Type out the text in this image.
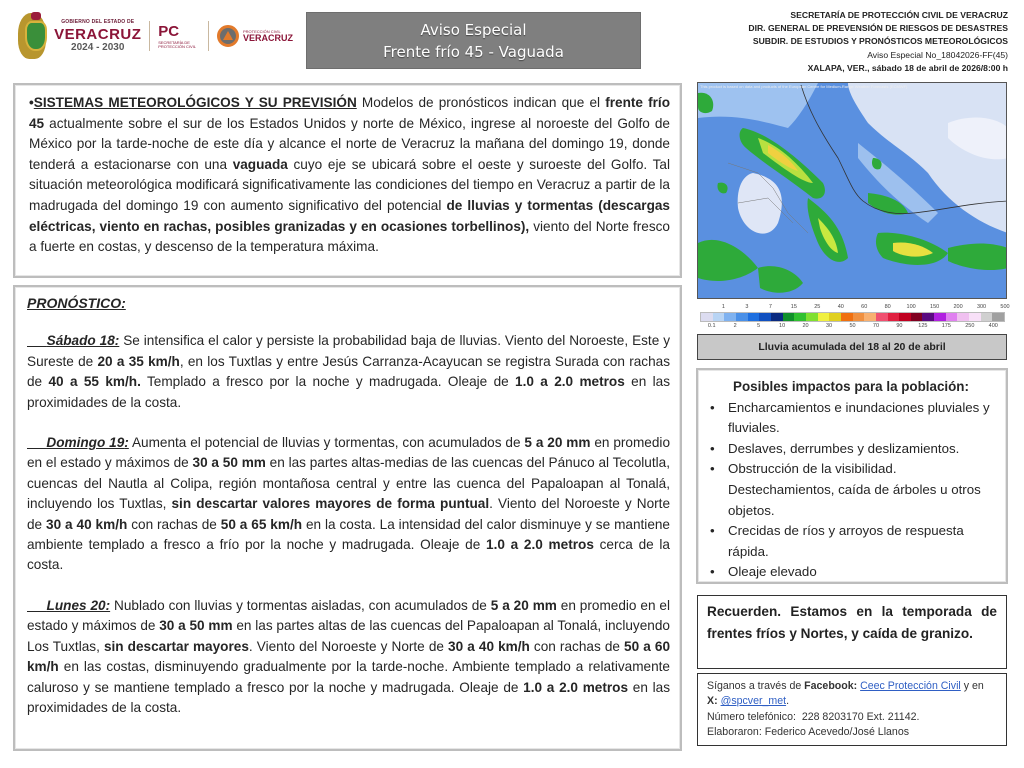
GOBIERNO DEL ESTADO DE
VERACRUZ
2024 - 2030
PC
SECRETARÍA DE PROTECCIÓN CIVIL
PROTECCIÓN CIVIL
VERACRUZ	Aviso Especial
Frente frío 45 - Vaguada
SECRETARÍA DE PROTECCIÓN CIVIL DE VERACRUZ
DIR. GENERAL DE PREVENSIÓN DE RIESGOS DE DESASTRES
SUBDIR. DE ESTUDIOS Y PRONÓSTICOS METEOROLÓGICOS
Aviso Especial No_18042026-FF(45)
XALAPA, VER., sábado 18 de abril de 2026/8:00 h

•SISTEMAS METEOROLÓGICOS Y SU PREVISIÓN Modelos de pronósticos indican que el frente frío 45 actualmente sobre el sur de los Estados Unidos y norte de México, ingrese al noroeste del Golfo de México por la tarde-noche de este día y alcance el norte de Veracruz la mañana del domingo 19, donde tenderá a estacionarse con una vaguada cuyo eje se ubicará sobre el oeste y suroeste del Golfo. Tal situación meteorológica modificará significativamente las condiciones del tiempo en Veracruz a partir de la madrugada del domingo 19 con aumento significativo del potencial de lluvias y tormentas (descargas eléctricas, viento en rachas, posibles granizadas y en ocasiones torbellinos), viento del Norte fresco a fuerte en costas, y descenso de la temperatura máxima.

PRONÓSTICO:

Sábado 18: Se intensifica el calor y persiste la probabilidad baja de lluvias. Viento del Noroeste, Este y Sureste de 20 a 35 km/h, en los Tuxtlas y entre Jesús Carranza-Acayucan se registra Surada con rachas de 40 a 55 km/h. Templado a fresco por la noche y madrugada. Oleaje de 1.0 a 2.0 metros en las proximidades de la costa.

Domingo 19: Aumenta el potencial de lluvias y tormentas, con acumulados de 5 a 20 mm en promedio en el estado y máximos de 30 a 50 mm en las partes altas-medias de las cuencas del Pánuco al Tecolutla, cuencas del Nautla al Colipa, región montañosa central y entre las cuenca del Papaloapan al Tonalá, incluyendo los Tuxtlas, sin descartar valores mayores de forma puntual. Viento del Noroeste y Norte de 30 a 40 km/h con rachas de 50 a 65 km/h en la costa. La intensidad del calor disminuye y se mantiene ambiente templado a fresco a frío por la noche y madrugada. Oleaje de 1.0 a 2.0 metros cerca de la costa.

Lunes 20: Nublado con lluvias y tormentas aisladas, con acumulados de 5 a 20 mm en promedio en el estado y máximos de 30 a 50 mm en las partes altas de las cuencas del Papaloapan al Tonalá, incluyendo Los Tuxtlas, sin descartar mayores. Viento del Noroeste y Norte de 30 a 40 km/h con rachas de 50 a 60 km/h en las costas, disminuyendo gradualmente por la tarde-noche. Ambiente templado a relativamente caluroso y se mantiene templado a fresco por la noche y madrugada. Oleaje de 1.0 a 2.0 metros en las proximidades de la costa.

This product is based on data and products of the European Centre for Medium-Range Weather Forecasts (ECMWF)
1	3	7	15	25	40	60	80	100	150	200	300	500
0.1	2	5	10	20	30	50	70	90	125	175	250	400
Lluvia acumulada del 18 al 20 de abril
Posibles impactos para la población:
• Encharcamientos e inundaciones pluviales y fluviales.
• Deslaves, derrumbes y deslizamientos.
• Obstrucción de la visibilidad. Destechamientos, caída de árboles u otros objetos.
• Crecidas de ríos y arroyos de respuesta rápida.
• Oleaje elevado
Recuerden. Estamos en la temporada de frentes fríos y Nortes, y caída de granizo.
Síganos a través de Facebook: Ceec Protección Civil y en X: @spcver_met.
Número telefónico: 228 8203170 Ext. 21142.
Elaboraron: Federico Acevedo/José Llanos
